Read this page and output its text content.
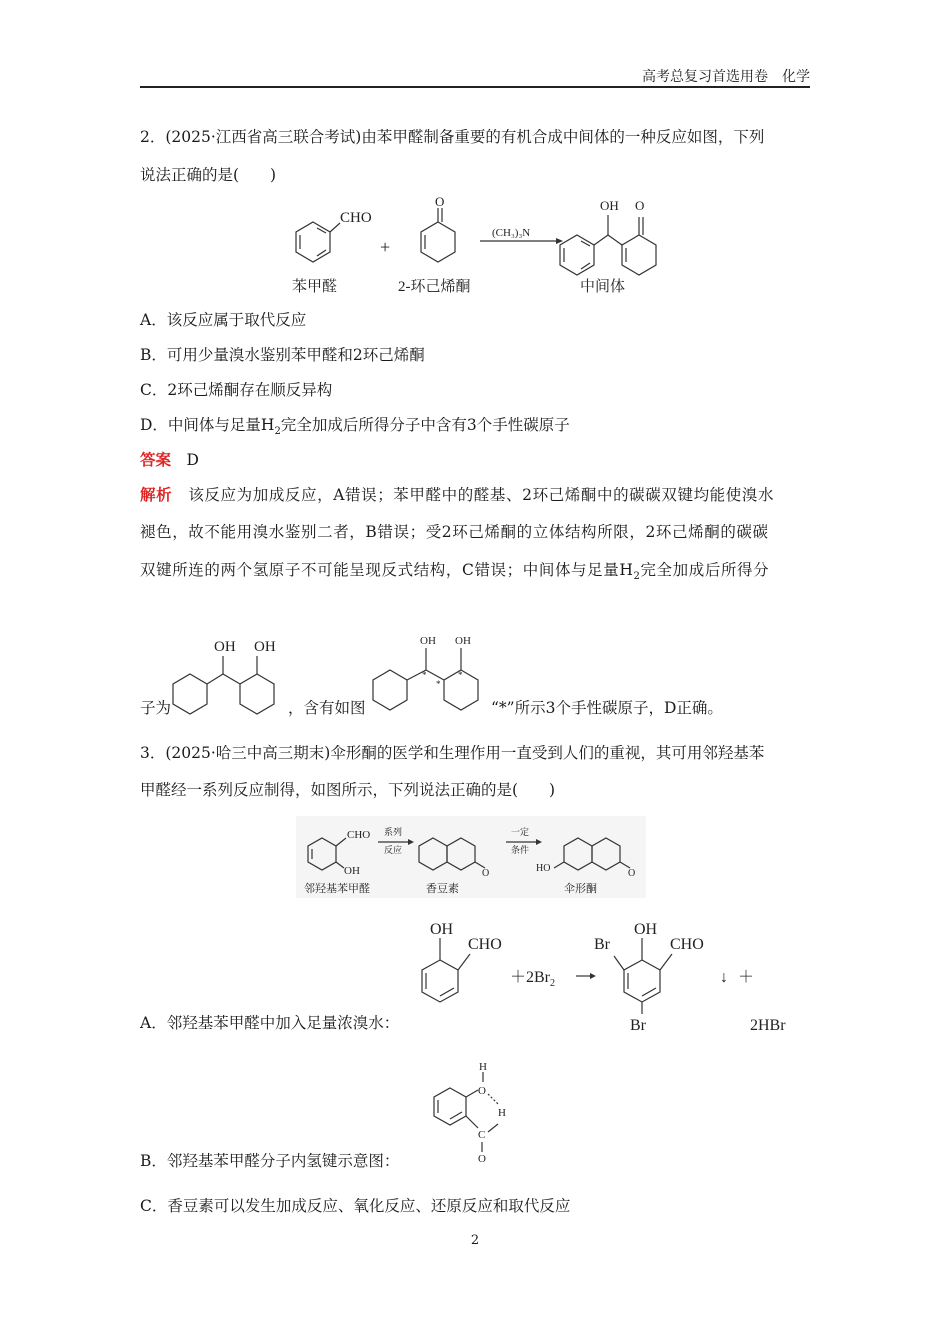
高考总复习首选用卷　化学
2．(2025·江西省高三联合考试)由苯甲醛制备重要的有机合成中间体的一种反应如图，下列
说法正确的是(　　)
CHO
+
O
(CH₃)₃N
OH O
苯甲醛	2-环己烯酮	中间体
A．该反应属于取代反应
B．可用少量溴水鉴别苯甲醛和2环己烯酮
C．2环己烯酮存在顺反异构
D．中间体与足量$H_2$完全加成后所得分子中含有3个手性碳原子
答案　 D
解析　 该反应为加成反应，A错误；苯甲醛中的醛基、2环己烯酮中的碳碳双键均能使溴水
褪色，故不能用溴水鉴别二者，B错误；受2环己烯酮的立体结构所限，2环己烯酮的碳碳
双键所连的两个氢原子不可能呈现反式结构，C错误；中间体与足量$H_2$完全加成后所得分
子为
OH OH
，含有如图
OH
*
*
OH
*
“*”所示3个手性碳原子，D正确。
3．(2025·哈三中高三期末)伞形酮的医学和生理作用一直受到人们的重视，其可用邻羟基苯
甲醛经一系列反应制得，如图所示，下列说法正确的是(　　)
CHO
OH
系列
反应
O
一定
条件
HO	O
邻羟基苯甲醛	香豆素	伞形酮
OH
CHO
$+2Br_2$
OH
CHO
Br
Br
↓ ＋
2HBr
A．邻羟基苯甲醛中加入足量浓溴水：
O
H
H
C
O
B．邻羟基苯甲醛分子内氢键示意图：
C．香豆素可以发生加成反应、氧化反应、还原反应和取代反应
2
